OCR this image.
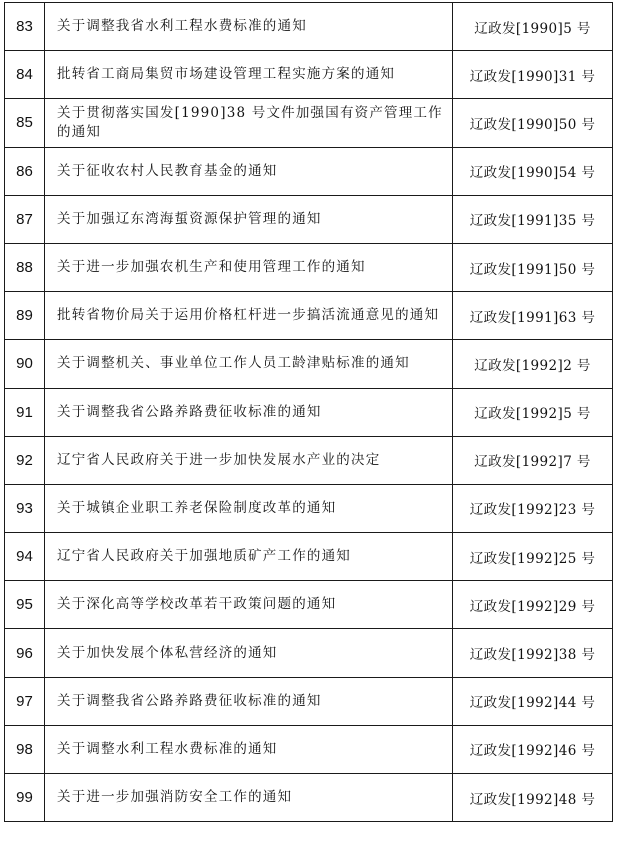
83	关于调整我省水利工程水费标准的通知	辽政发[1990]5 号
84	批转省工商局集贸市场建设管理工程实施方案的通知	辽政发[1990]31 号
85	关于贯彻落实国发[1990]38 号文件加强国有资产管理工作的通知	辽政发[1990]50 号
86	关于征收农村人民教育基金的通知	辽政发[1990]54 号
87	关于加强辽东湾海蜇资源保护管理的通知	辽政发[1991]35 号
88	关于进一步加强农机生产和使用管理工作的通知	辽政发[1991]50 号
89	批转省物价局关于运用价格杠杆进一步搞活流通意见的通知	辽政发[1991]63 号
90	关于调整机关、事业单位工作人员工龄津贴标准的通知	辽政发[1992]2 号
91	关于调整我省公路养路费征收标准的通知	辽政发[1992]5 号
92	辽宁省人民政府关于进一步加快发展水产业的决定	辽政发[1992]7 号
93	关于城镇企业职工养老保险制度改革的通知	辽政发[1992]23 号
94	辽宁省人民政府关于加强地质矿产工作的通知	辽政发[1992]25 号
95	关于深化高等学校改革若干政策问题的通知	辽政发[1992]29 号
96	关于加快发展个体私营经济的通知	辽政发[1992]38 号
97	关于调整我省公路养路费征收标准的通知	辽政发[1992]44 号
98	关于调整水利工程水费标准的通知	辽政发[1992]46 号
99	关于进一步加强消防安全工作的通知	辽政发[1992]48 号
